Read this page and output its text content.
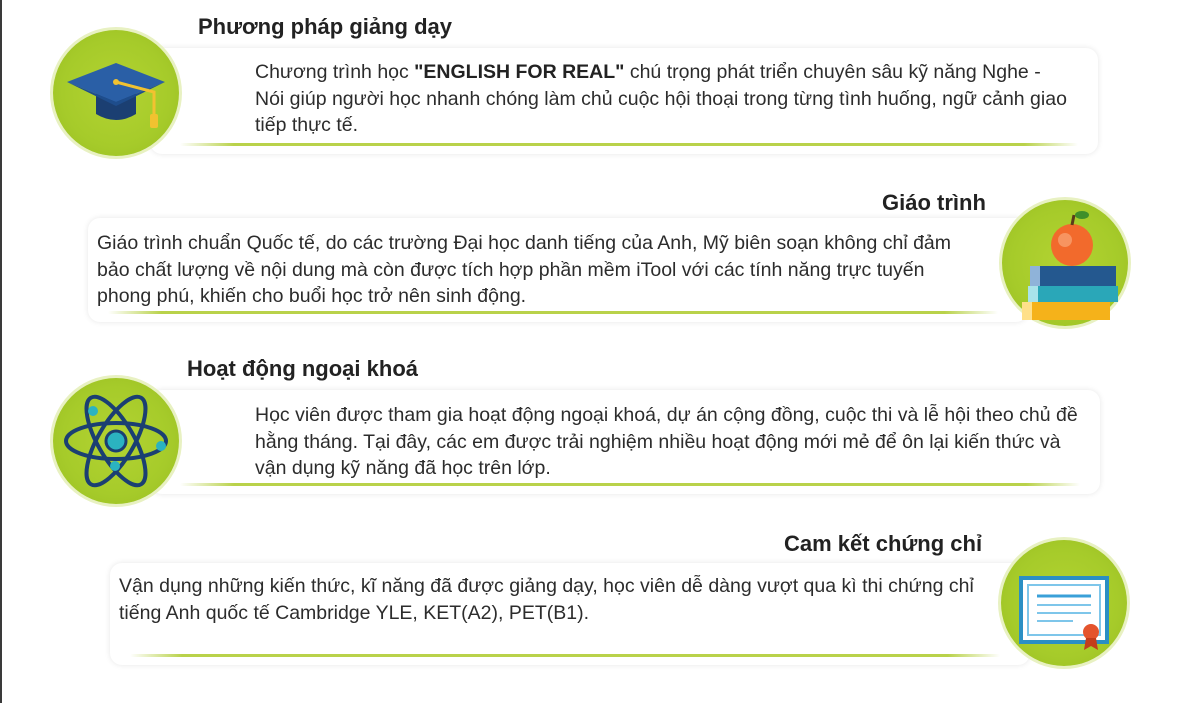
Chương trình học "ENGLISH FOR REAL" chú trọng phát triển chuyên sâu kỹ năng Nghe - Nói giúp người học nhanh chóng làm chủ cuộc hội thoại trong từng tình huống, ngữ cảnh giao tiếp thực tế.

Phương pháp giảng dạy

Giáo trình chuẩn Quốc tế, do các trường Đại học danh tiếng của Anh, Mỹ biên soạn không chỉ đảm bảo chất lượng về nội dung mà còn được tích hợp phần mềm iTool với các tính năng trực tuyến phong phú, khiến cho buổi học trở nên sinh động.

Giáo trình

Học viên được tham gia hoạt động ngoại khoá, dự án cộng đồng, cuộc thi và lễ hội theo chủ đề hằng tháng. Tại đây, các em được trải nghiệm nhiều hoạt động mới mẻ để ôn lại kiến thức và vận dụng kỹ năng đã học trên lớp.

Hoạt động ngoại khoá

Vận dụng những kiến thức, kĩ năng đã được giảng dạy, học viên dễ dàng vượt qua kì thi chứng chỉ tiếng Anh quốc tế Cambridge YLE, KET(A2), PET(B1).

Cam kết chứng chỉ
